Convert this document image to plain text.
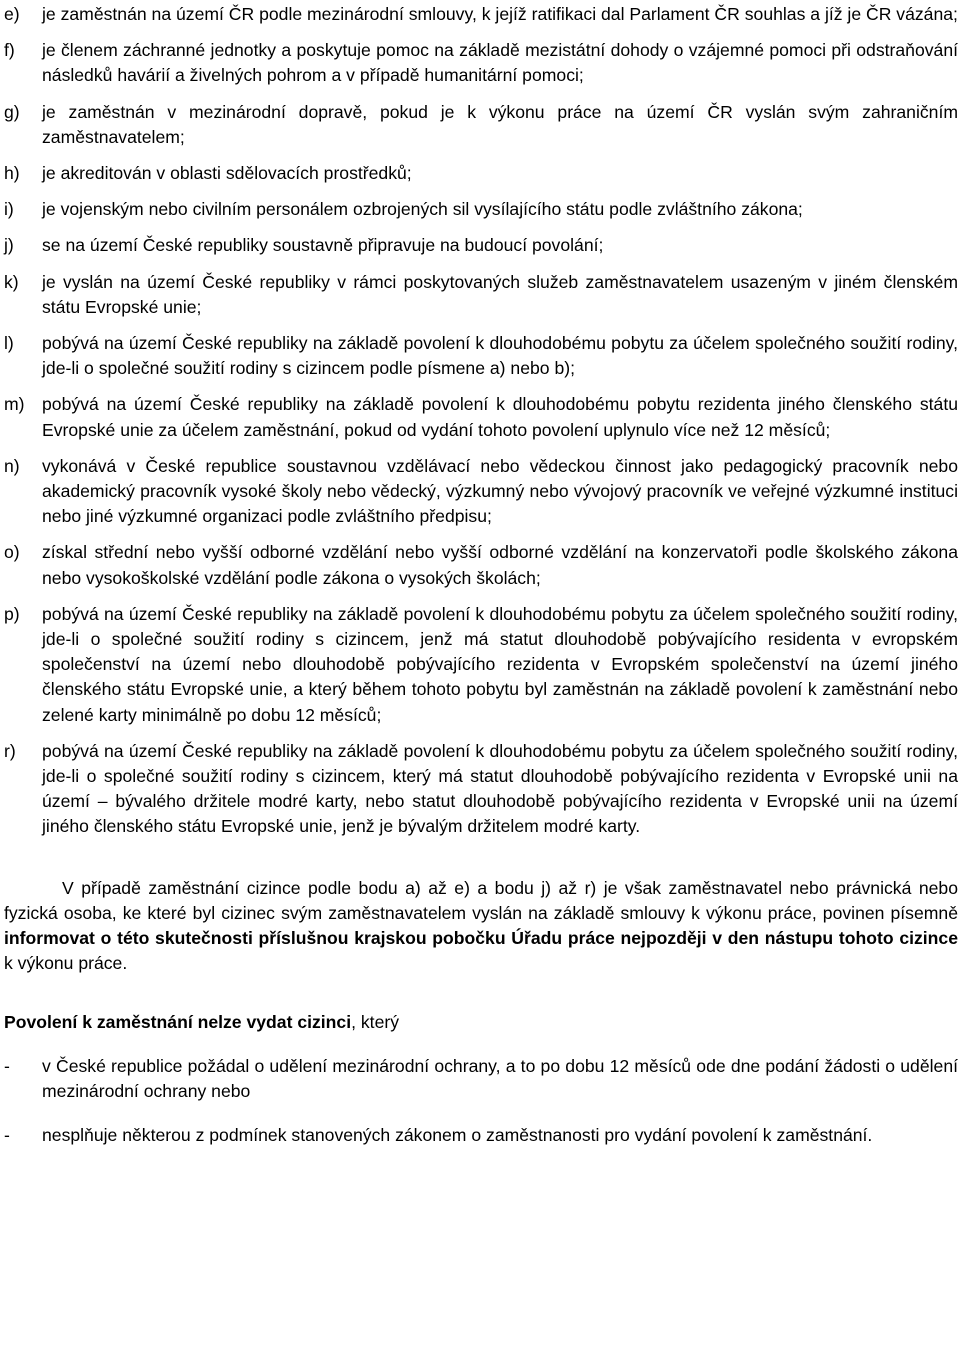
e)	je zaměstnán na území ČR podle mezinárodní smlouvy, k jejíž ratifikaci dal Parlament ČR souhlas a jíž je ČR vázána;
f)	je členem záchranné jednotky a poskytuje pomoc na základě mezistátní dohody o vzájemné pomoci při odstraňování následků havárií a živelných pohrom a v případě humanitární pomoci;
g)	je zaměstnán v mezinárodní dopravě, pokud je k výkonu práce na území ČR vyslán svým zahraničním zaměstnavatelem;
h)	je akreditován v oblasti sdělovacích prostředků;
i)	je vojenským nebo civilním personálem ozbrojených sil vysílajícího státu podle zvláštního zákona;
j)	se na území České republiky soustavně připravuje na budoucí povolání;
k)	je vyslán na území České republiky v rámci poskytovaných služeb zaměstnavatelem usazeným v jiném členském státu Evropské unie;
l)	pobývá na území České republiky na základě povolení k dlouhodobému pobytu za účelem společného soužití rodiny, jde-li o společné soužití rodiny s cizincem podle písmene a) nebo b);
m) pobývá na území České republiky na základě povolení k dlouhodobému pobytu rezidenta jiného členského státu Evropské unie za účelem zaměstnání, pokud od vydání tohoto povolení uplynulo více než 12 měsíců;
n)	vykonává v České republice soustavnou vzdělávací nebo vědeckou činnost jako pedagogický pracovník nebo akademický pracovník vysoké školy nebo vědecký, výzkumný nebo vývojový pracovník ve veřejné výzkumné instituci nebo jiné výzkumné organizaci podle zvláštního předpisu;
o)	získal střední nebo vyšší odborné vzdělání nebo vyšší odborné vzdělání na konzervatoři podle školského zákona nebo vysokoškolské vzdělání podle zákona o vysokých školách;
p)	pobývá na území České republiky na základě povolení k dlouhodobému pobytu za účelem společného soužití rodiny, jde-li o společné soužití rodiny s cizincem, jenž má statut dlouhodobě pobývajícího residenta v evropském společenství na území nebo dlouhodobě pobývajícího rezidenta v Evropském společenství na území jiného členského státu Evropské unie, a který během tohoto pobytu byl zaměstnán na základě povolení k zaměstnání nebo zelené karty minimálně po dobu 12 měsíců;
r)	pobývá na území České republiky na základě povolení k dlouhodobému pobytu za účelem společného soužití rodiny, jde-li o společné soužití rodiny s cizincem, který má statut dlouhodobě pobývajícího rezidenta v Evropské unii na území – bývalého držitele modré karty, nebo statut dlouhodobě pobývajícího rezidenta v Evropské unii na území jiného členského státu Evropské unie, jenž je bývalým držitelem modré karty.

V případě zaměstnání cizince podle bodu a) až e) a bodu j) až r) je však zaměstnavatel nebo právnická nebo fyzická osoba, ke které byl cizinec svým zaměstnavatelem vyslán na základě smlouvy k výkonu práce, povinen písemně informovat o této skutečnosti příslušnou krajskou pobočku Úřadu práce nejpozději v den nástupu tohoto cizince k výkonu práce.

Povolení k zaměstnání nelze vydat cizinci, který

-	v České republice požádal o udělení mezinárodní ochrany, a to po dobu 12 měsíců ode dne podání žádosti o udělení mezinárodní ochrany nebo
-	nesplňuje některou z podmínek stanovených zákonem o zaměstnanosti pro vydání povolení k zaměstnání.
